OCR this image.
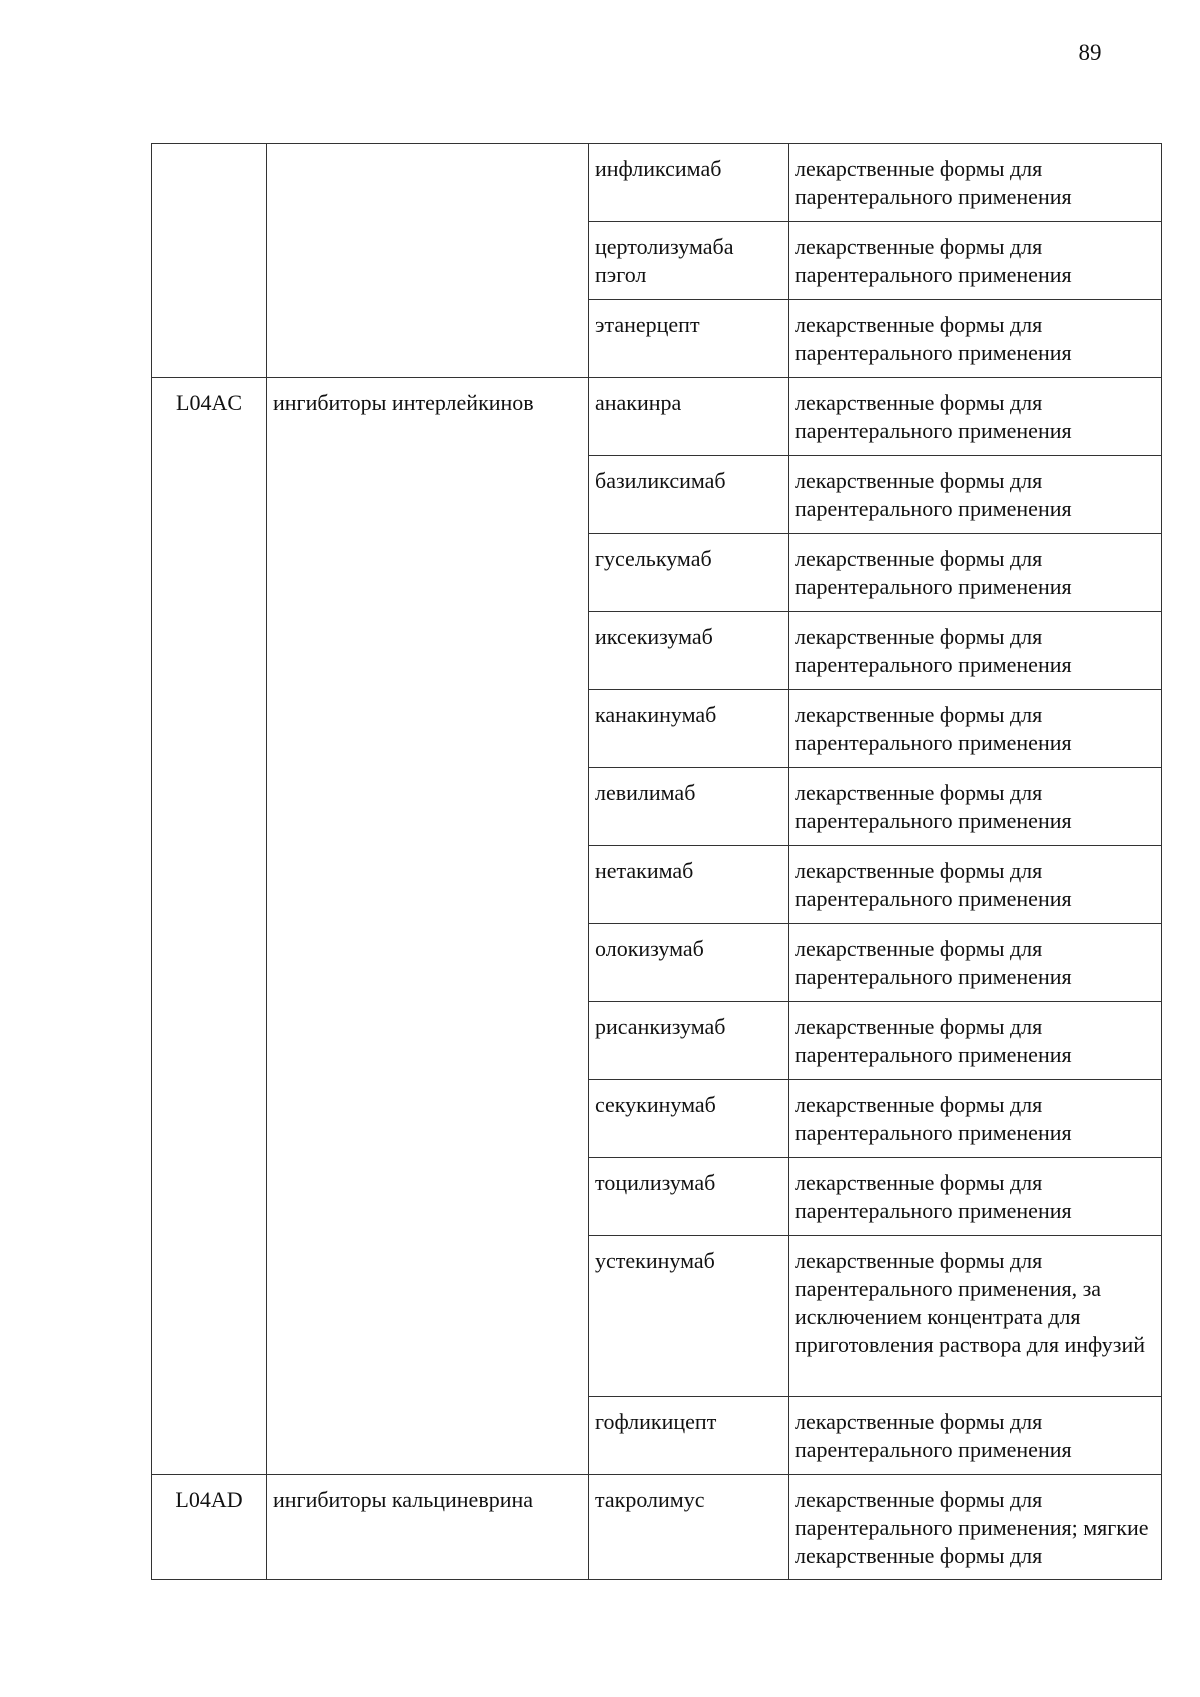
89
		инфликсимаб	лекарственные формы для парентерального применения
		цертолизумаба пэгол	лекарственные формы для парентерального применения
		этанерцепт	лекарственные формы для парентерального применения
L04AC	ингибиторы интерлейкинов	анакинра	лекарственные формы для парентерального применения
		базиликсимаб	лекарственные формы для парентерального применения
		гуселькумаб	лекарственные формы для парентерального применения
		иксекизумаб	лекарственные формы для парентерального применения
		канакинумаб	лекарственные формы для парентерального применения
		левилимаб	лекарственные формы для парентерального применения
		нетакимаб	лекарственные формы для парентерального применения
		олокизумаб	лекарственные формы для парентерального применения
		рисанкизумаб	лекарственные формы для парентерального применения
		секукинумаб	лекарственные формы для парентерального применения
		тоцилизумаб	лекарственные формы для парентерального применения
		устекинумаб	лекарственные формы для парентерального применения, за исключением концентрата для приготовления раствора для инфузий
		гофликицепт	лекарственные формы для парентерального применения
L04AD	ингибиторы кальциневрина	такролимус	лекарственные формы для парентерального применения; мягкие лекарственные формы для
